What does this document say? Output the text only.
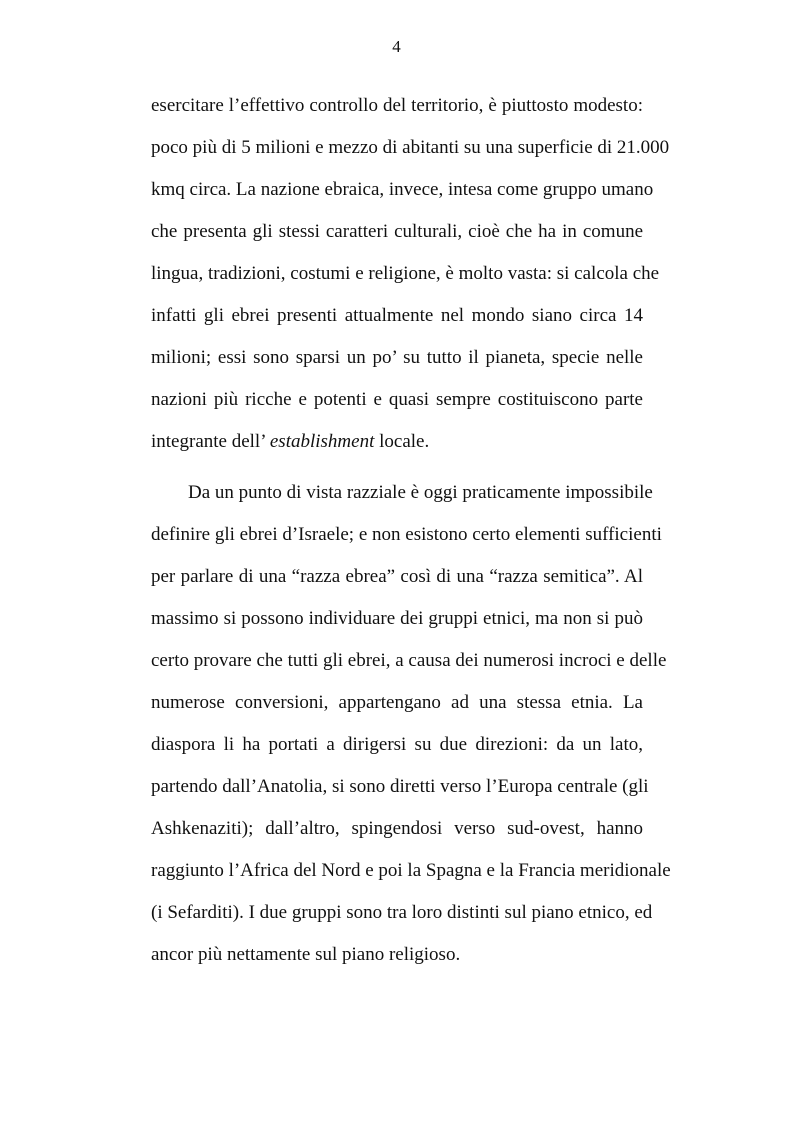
4
esercitare l’effettivo controllo del territorio, è piuttosto modesto:
poco più di 5 milioni e mezzo di abitanti su una superficie di 21.000
kmq circa. La nazione ebraica, invece, intesa come gruppo umano
che presenta gli stessi caratteri culturali, cioè che ha in comune
lingua, tradizioni, costumi e religione, è molto vasta: si calcola che
infatti gli ebrei presenti attualmente nel mondo siano circa 14
milioni; essi sono sparsi un po’ su tutto il pianeta, specie nelle
nazioni più ricche e potenti e quasi sempre costituiscono parte
integrante dell’ establishment locale.
Da un punto di vista razziale è oggi praticamente impossibile
definire gli ebrei d’Israele; e non esistono certo elementi sufficienti
per parlare di una “razza ebrea” così di una “razza semitica”. Al
massimo si possono individuare dei gruppi etnici, ma non si può
certo provare che tutti gli ebrei, a causa dei numerosi incroci e delle
numerose conversioni, appartengano ad una stessa etnia. La
diaspora li ha portati a dirigersi su due direzioni: da un lato,
partendo dall’Anatolia, si sono diretti verso l’Europa centrale (gli
Ashkenaziti); dall’altro, spingendosi verso sud-ovest, hanno
raggiunto l’Africa del Nord e poi la Spagna e la Francia meridionale
(i Sefarditi). I due gruppi sono tra loro distinti sul piano etnico, ed
ancor più nettamente sul piano religioso.
